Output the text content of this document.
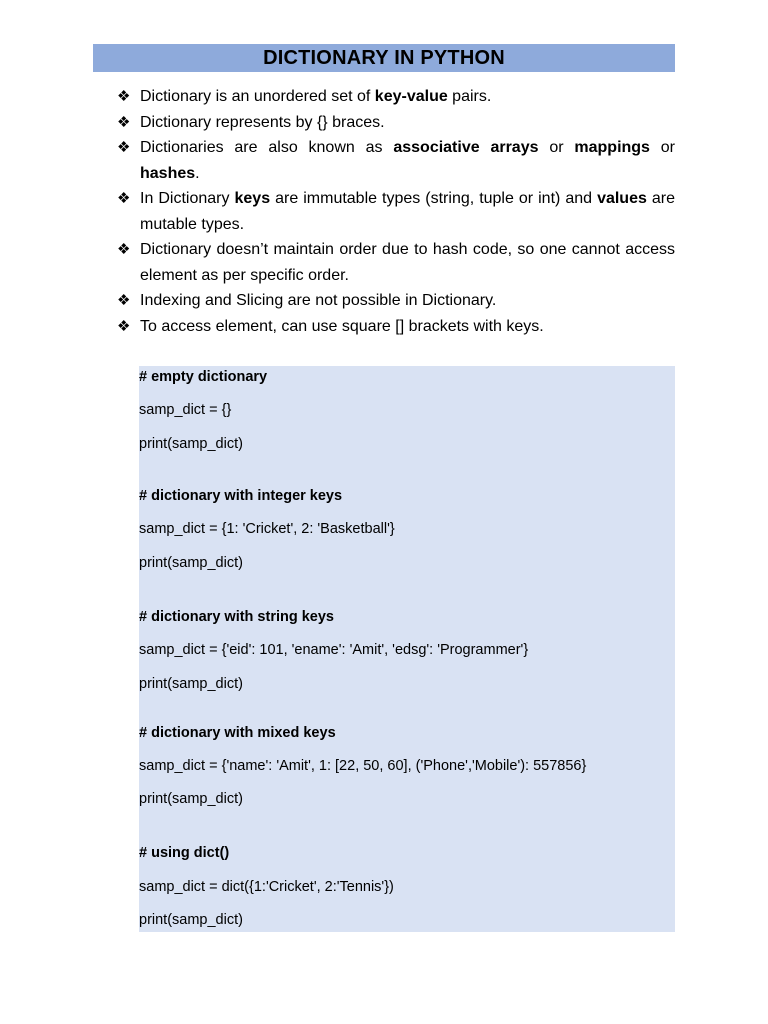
DICTIONARY IN PYTHON
❖ Dictionary is an unordered set of key-value pairs.
❖ Dictionary represents by {} braces.
❖ Dictionaries are also known as associative arrays or mappings or hashes.
❖ In Dictionary keys are immutable types (string, tuple or int) and values are mutable types.
❖ Dictionary doesn’t maintain order due to hash code, so one cannot access element as per specific order.
❖ Indexing and Slicing are not possible in Dictionary.
❖ To access element, can use square [] brackets with keys.
# empty dictionary
samp_dict = {}
print(samp_dict)
# dictionary with integer keys
samp_dict = {1: 'Cricket', 2: 'Basketball'}
print(samp_dict)
# dictionary with string keys
samp_dict = {'eid': 101, 'ename': 'Amit', 'edsg': 'Programmer'}
print(samp_dict)
# dictionary with mixed keys
samp_dict = {'name': 'Amit', 1: [22, 50, 60], ('Phone','Mobile'): 557856}
print(samp_dict)
# using dict()
samp_dict = dict({1:'Cricket', 2:'Tennis'})
print(samp_dict)
